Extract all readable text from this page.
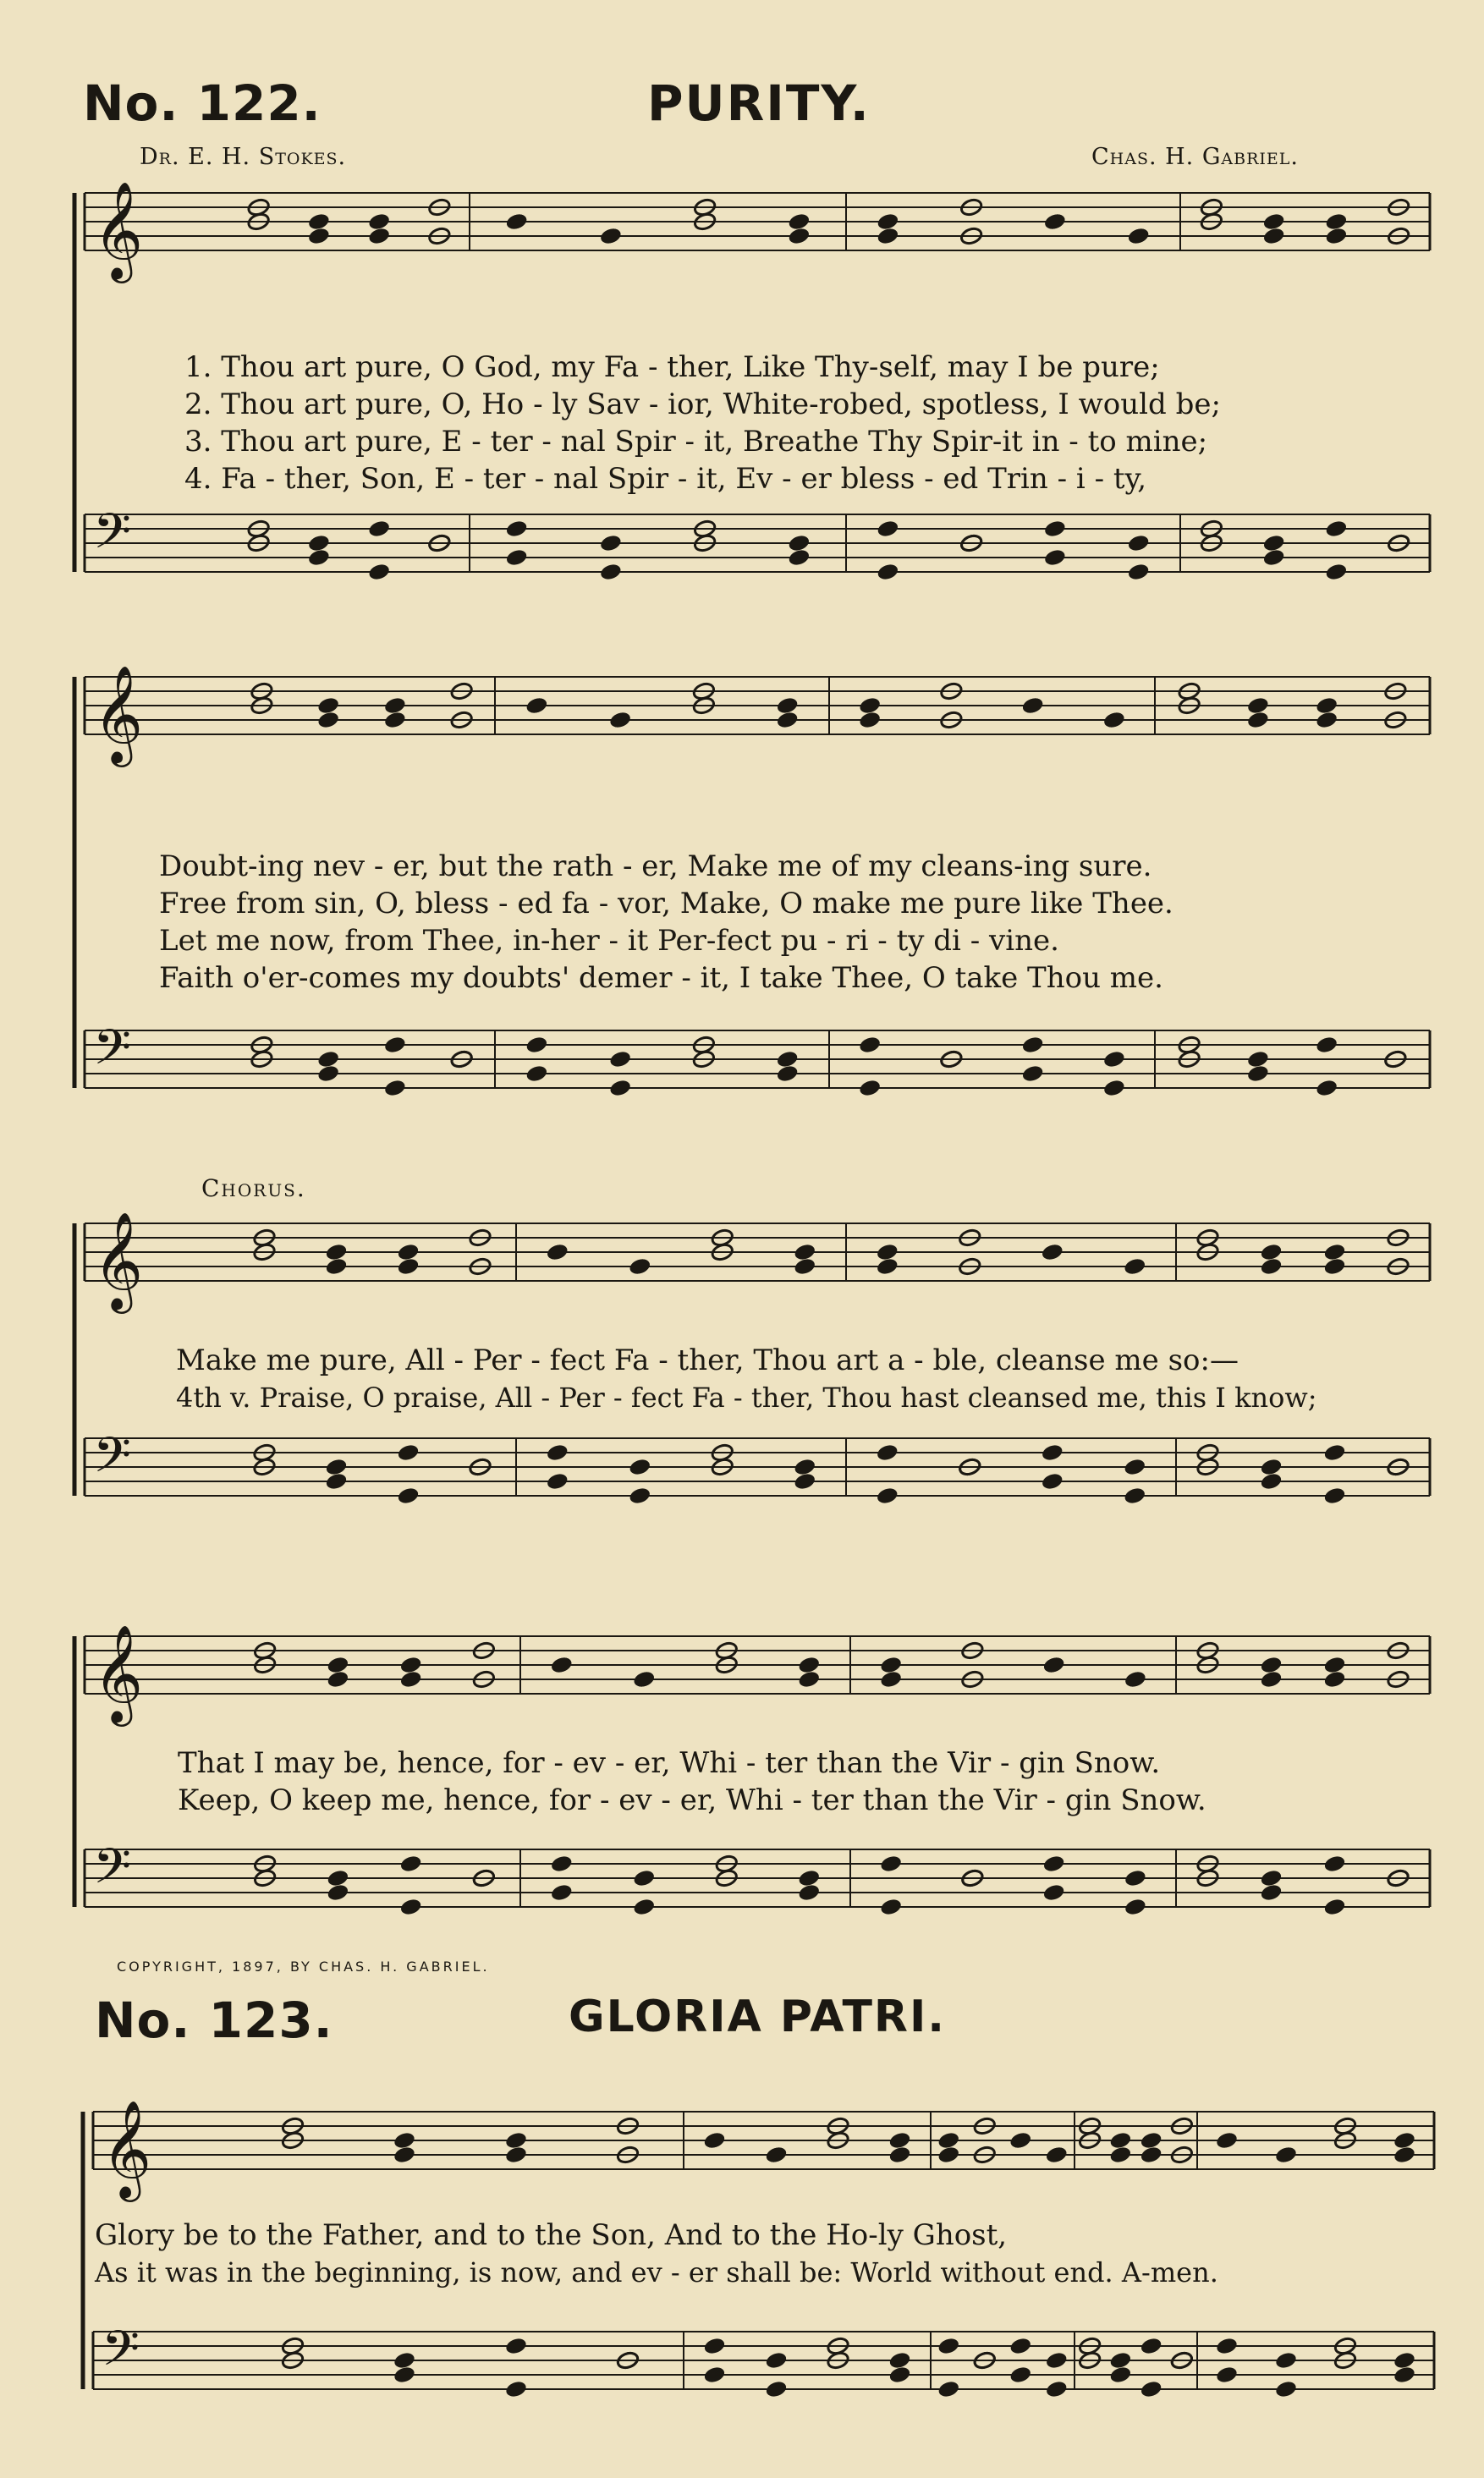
No. 122.	PURITY.
Dr. E. H. Stokes.	Chas. H. Gabriel.
𝄞
𝄢
𝄞
𝄢
𝄞
𝄢
𝄞
𝄢
𝄞
𝄢
1. Thou art pure, O God, my Fa - ther, Like Thy-self, may I be pure;
2. Thou art pure, O, Ho - ly Sav - ior, White-robed, spotless, I would be;
3. Thou art pure, E - ter - nal Spir - it, Breathe Thy Spir-it in - to mine;
4. Fa - ther, Son, E - ter - nal Spir - it, Ev - er bless - ed Trin - i - ty,
Doubt-ing nev - er, but the rath - er, Make me of my cleans-ing sure.
Free from sin, O, bless - ed fa - vor, Make, O make me pure like Thee.
Let me now, from Thee, in-her - it Per-fect pu - ri - ty di - vine.
Faith o'er-comes my doubts' demer - it, I take Thee, O take Thou me.
Chorus.
Make me pure, All - Per - fect Fa - ther, Thou art a - ble, cleanse me so:—
4th v. Praise, O praise, All - Per - fect Fa - ther, Thou hast cleansed me, this I know;
That I may be, hence, for - ev - er, Whi - ter than the Vir - gin Snow.
Keep, O keep me, hence, for - ev - er, Whi - ter than the Vir - gin Snow.
COPYRIGHT, 1897, BY CHAS. H. GABRIEL.
No. 123.	GLORIA PATRI.
Glory be to the Father, and to the Son, And to the Ho-ly Ghost,
As it was in the beginning, is now, and ev - er shall be: World without end. A-men.
